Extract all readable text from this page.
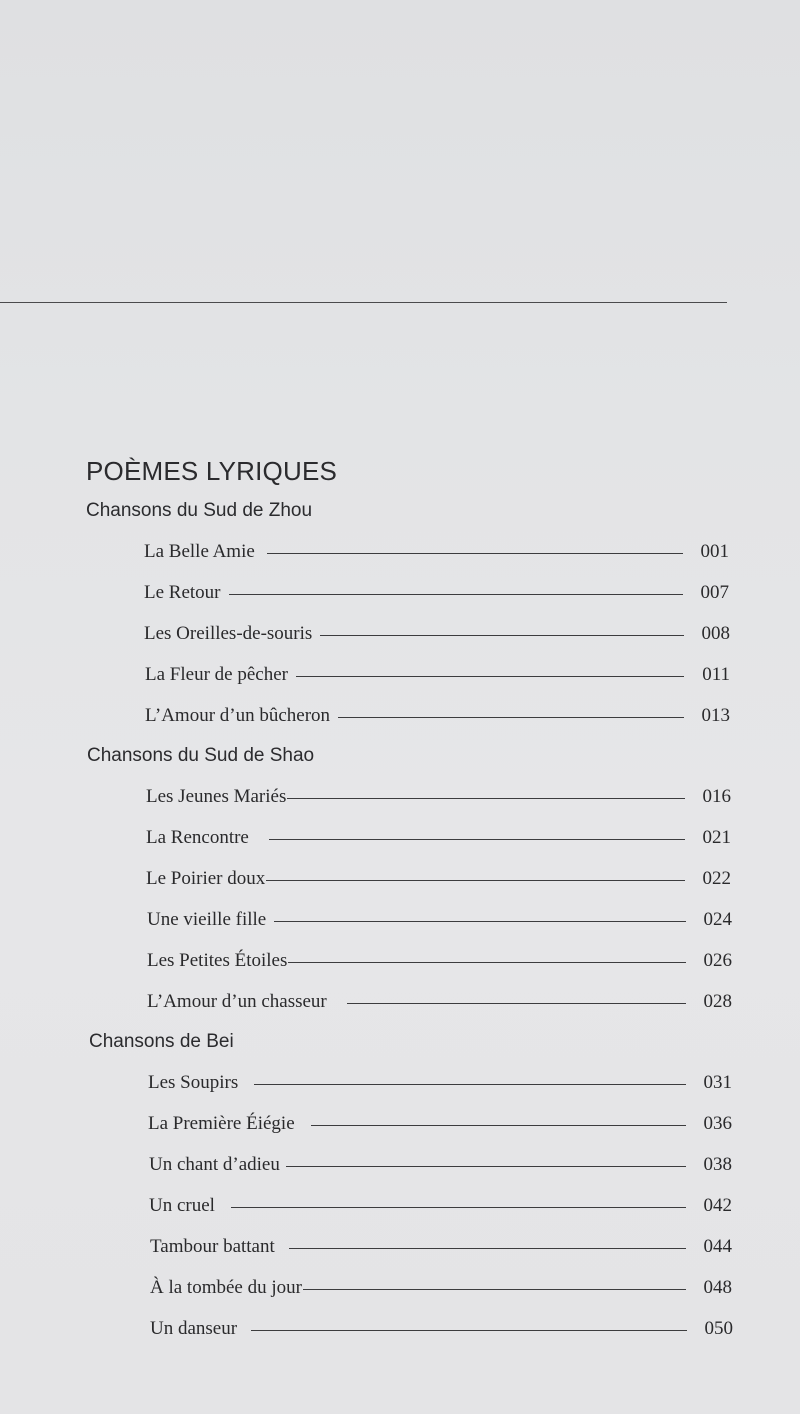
POÈMES LYRIQUES
Chansons du Sud de Zhou
La Belle Amie	001
Le Retour	007
Les Oreilles-de-souris	008
La Fleur de pêcher	011
L’Amour d’un bûcheron	013
Chansons du Sud de Shao
Les Jeunes Mariés	016
La Rencontre	021
Le Poirier doux	022
Une vieille fille	024
Les Petites Étoiles	026
L’Amour d’un chasseur	028
Chansons de Bei
Les Soupirs	031
La Première Éiégie	036
Un chant d’adieu	038
Un cruel	042
Tambour battant	044
À la tombée du jour	048
Un danseur	050
